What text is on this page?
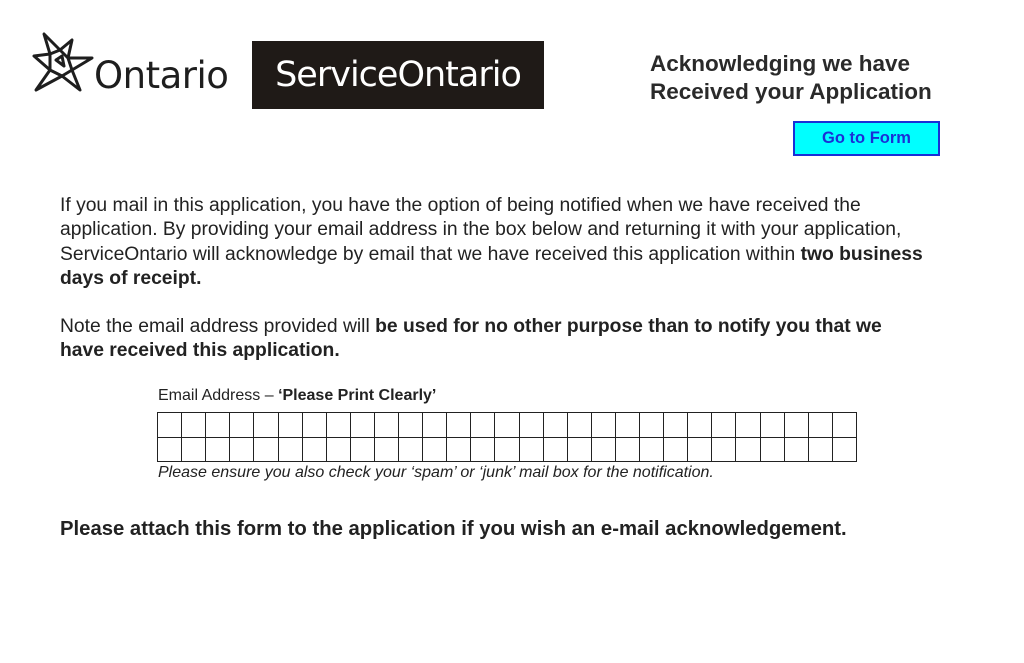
Ontario	ServiceOntario	Acknowledging we have
Received your Application
Go to Form
If you mail in this application, you have the option of being notified when we have received the
application. By providing your email address in the box below and returning it with your application,
ServiceOntario will acknowledge by email that we have received this application within two business
days of receipt.
Note the email address provided will be used for no other purpose than to notify you that we
have received this application.
Email Address – ‘Please Print Clearly’
Please ensure you also check your ‘spam’ or ‘junk’ mail box for the notification.
Please attach this form to the application if you wish an e-mail acknowledgement.
